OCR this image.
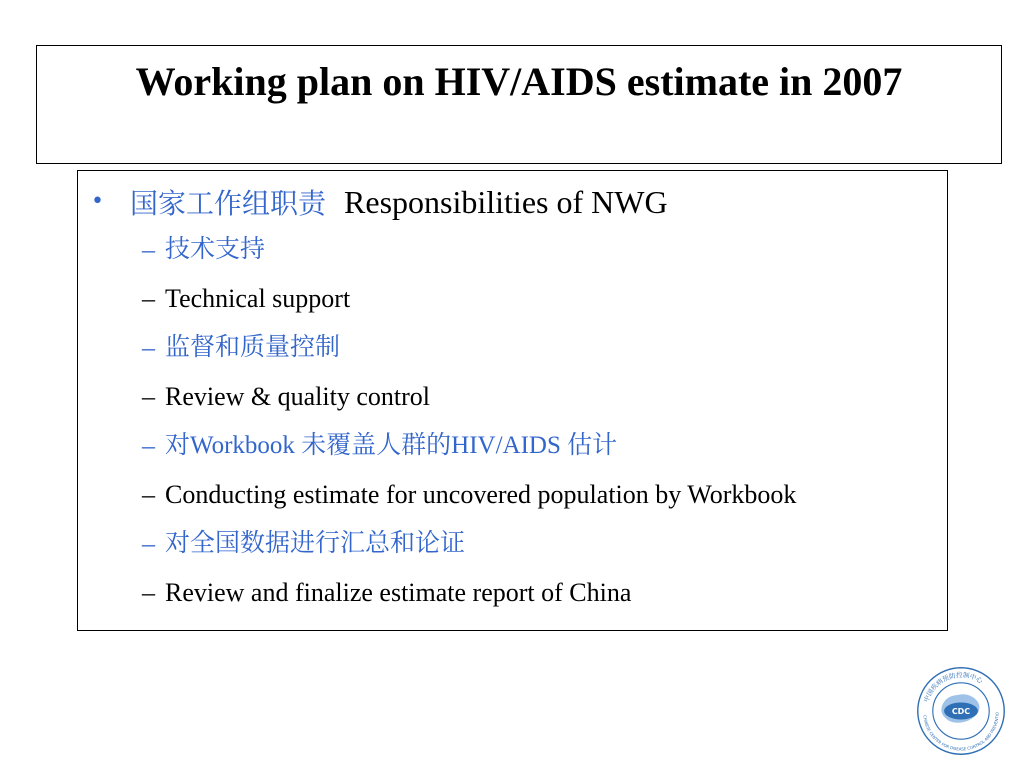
Working plan on HIV/AIDS estimate in 2007
• 国家工作组职责 Responsibilities of NWG
– 技术支持
– Technical support
– 监督和质量控制
– Review & quality control
– 对Workbook 未覆盖人群的HIV/AIDS 估计
– Conducting estimate for uncovered population by Workbook
– 对全国数据进行汇总和论证
– Review and finalize estimate report of China
中国疾病预防控制中心
CHINESE CENTER FOR DISEASE CONTROL AND PREVENTIO
CDC
